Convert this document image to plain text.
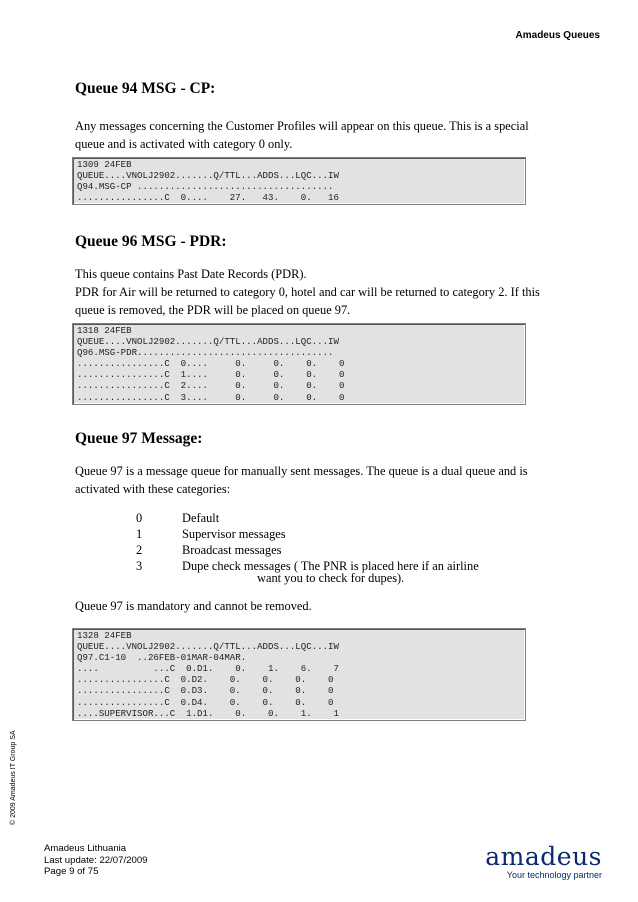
Amadeus Queues
Queue 94 MSG - CP:

Any messages concerning the Customer Profiles will appear on this queue. This is a special
queue and is activated with category 0 only.

1309 24FEB
QUEUE....VNOLJ2902.......Q/TTL...ADDS...LQC...IW
Q94.MSG-CP ....................................
................C  0....    27.   43.    0.   16
Queue 96 MSG - PDR:

This queue contains Past Date Records (PDR).
PDR for Air will be returned to category 0, hotel and car will be returned to category 2. If this
queue is removed, the PDR will be placed on queue 97.

1318 24FEB
QUEUE....VNOLJ2902.......Q/TTL...ADDS...LQC...IW
Q96.MSG-PDR....................................
................C  0....     0.     0.    0.    0
................C  1....     0.     0.    0.    0
................C  2....     0.     0.    0.    0
................C  3....     0.     0.    0.    0
Queue 97 Message:

Queue 97 is a message queue for manually sent messages. The queue is a dual queue and is
activated with these categories:

0	Default
1	Supervisor messages
2	Broadcast messages
3	Dupe check messages ( The PNR is placed here if an airline
want you to check for dupes).

Queue 97 is mandatory and cannot be removed.

1328 24FEB
QUEUE....VNOLJ2902.......Q/TTL...ADDS...LQC...IW
Q97.C1-10  ..26FEB-01MAR-04MAR.
....          ...C  0.D1.    0.    1.    6.    7
................C  0.D2.    0.    0.    0.    0
................C  0.D3.    0.    0.    0.    0
................C  0.D4.    0.    0.    0.    0
....SUPERVISOR...C  1.D1.    0.    0.    1.    1
© 2009 Amadeus IT Group SA
Amadeus Lithuania
Last update: 22/07/2009
Page 9 of 75
amadeus
Your technology partner
